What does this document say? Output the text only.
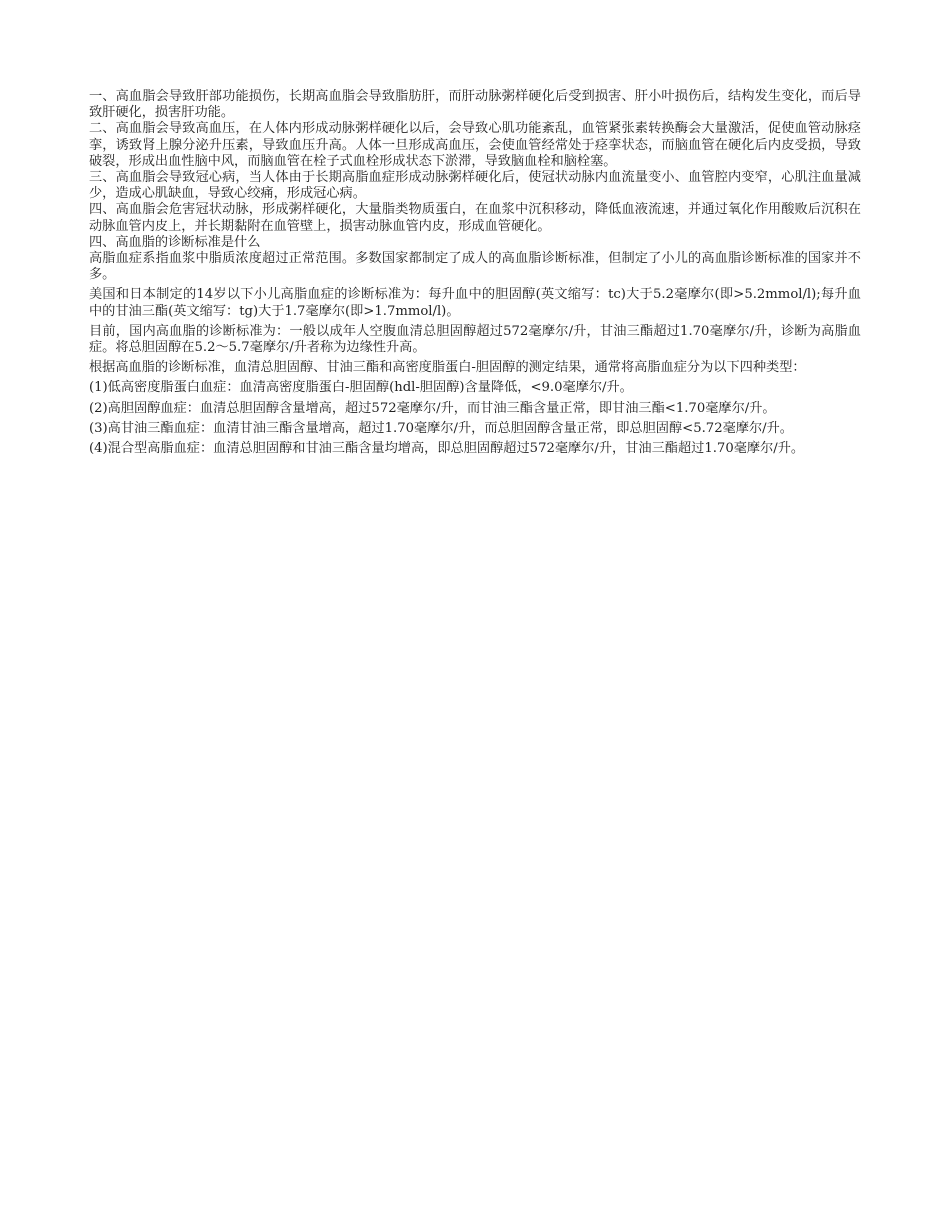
一、高血脂会导致肝部功能损伤，长期高血脂会导致脂肪肝，而肝动脉粥样硬化后受到损害、肝小叶损伤后，结构发生变化，而后导致肝硬化，损害肝功能。

二、高血脂会导致高血压，在人体内形成动脉粥样硬化以后，会导致心肌功能紊乱，血管紧张素转换酶会大量激活，促使血管动脉痉挛，诱致肾上腺分泌升压素，导致血压升高。人体一旦形成高血压，会使血管经常处于痉挛状态，而脑血管在硬化后内皮受损，导致破裂，形成出血性脑中风，而脑血管在栓子式血栓形成状态下淤滞，导致脑血栓和脑栓塞。

三、高血脂会导致冠心病，当人体由于长期高脂血症形成动脉粥样硬化后，使冠状动脉内血流量变小、血管腔内变窄，心肌注血量减少，造成心肌缺血，导致心绞痛，形成冠心病。

四、高血脂会危害冠状动脉，形成粥样硬化，大量脂类物质蛋白，在血浆中沉积移动，降低血液流速，并通过氧化作用酸败后沉积在动脉血管内皮上，并长期黏附在血管壁上，损害动脉血管内皮，形成血管硬化。

四、高血脂的诊断标准是什么

高脂血症系指血浆中脂质浓度超过正常范围。多数国家都制定了成人的高血脂诊断标准，但制定了小儿的高血脂诊断标准的国家并不多。

美国和日本制定的14岁以下小儿高脂血症的诊断标准为：每升血中的胆固醇(英文缩写：tc)大于5.2毫摩尔(即>5.2mmol/l);每升血中的甘油三酯(英文缩写：tg)大于1.7毫摩尔(即>1.7mmol/l)。

目前，国内高血脂的诊断标准为：一般以成年人空腹血清总胆固醇超过572毫摩尔/升，甘油三酯超过1.70毫摩尔/升，诊断为高脂血症。将总胆固醇在5.2～5.7毫摩尔/升者称为边缘性升高。

根据高血脂的诊断标准，血清总胆固醇、甘油三酯和高密度脂蛋白-胆固醇的测定结果，通常将高脂血症分为以下四种类型：

(1)低高密度脂蛋白血症：血清高密度脂蛋白-胆固醇(hdl-胆固醇)含量降低，<9.0毫摩尔/升。

(2)高胆固醇血症：血清总胆固醇含量增高，超过572毫摩尔/升，而甘油三酯含量正常，即甘油三酯<1.70毫摩尔/升。

(3)高甘油三酯血症：血清甘油三酯含量增高，超过1.70毫摩尔/升，而总胆固醇含量正常，即总胆固醇<5.72毫摩尔/升。

(4)混合型高脂血症：血清总胆固醇和甘油三酯含量均增高，即总胆固醇超过572毫摩尔/升，甘油三酯超过1.70毫摩尔/升。
